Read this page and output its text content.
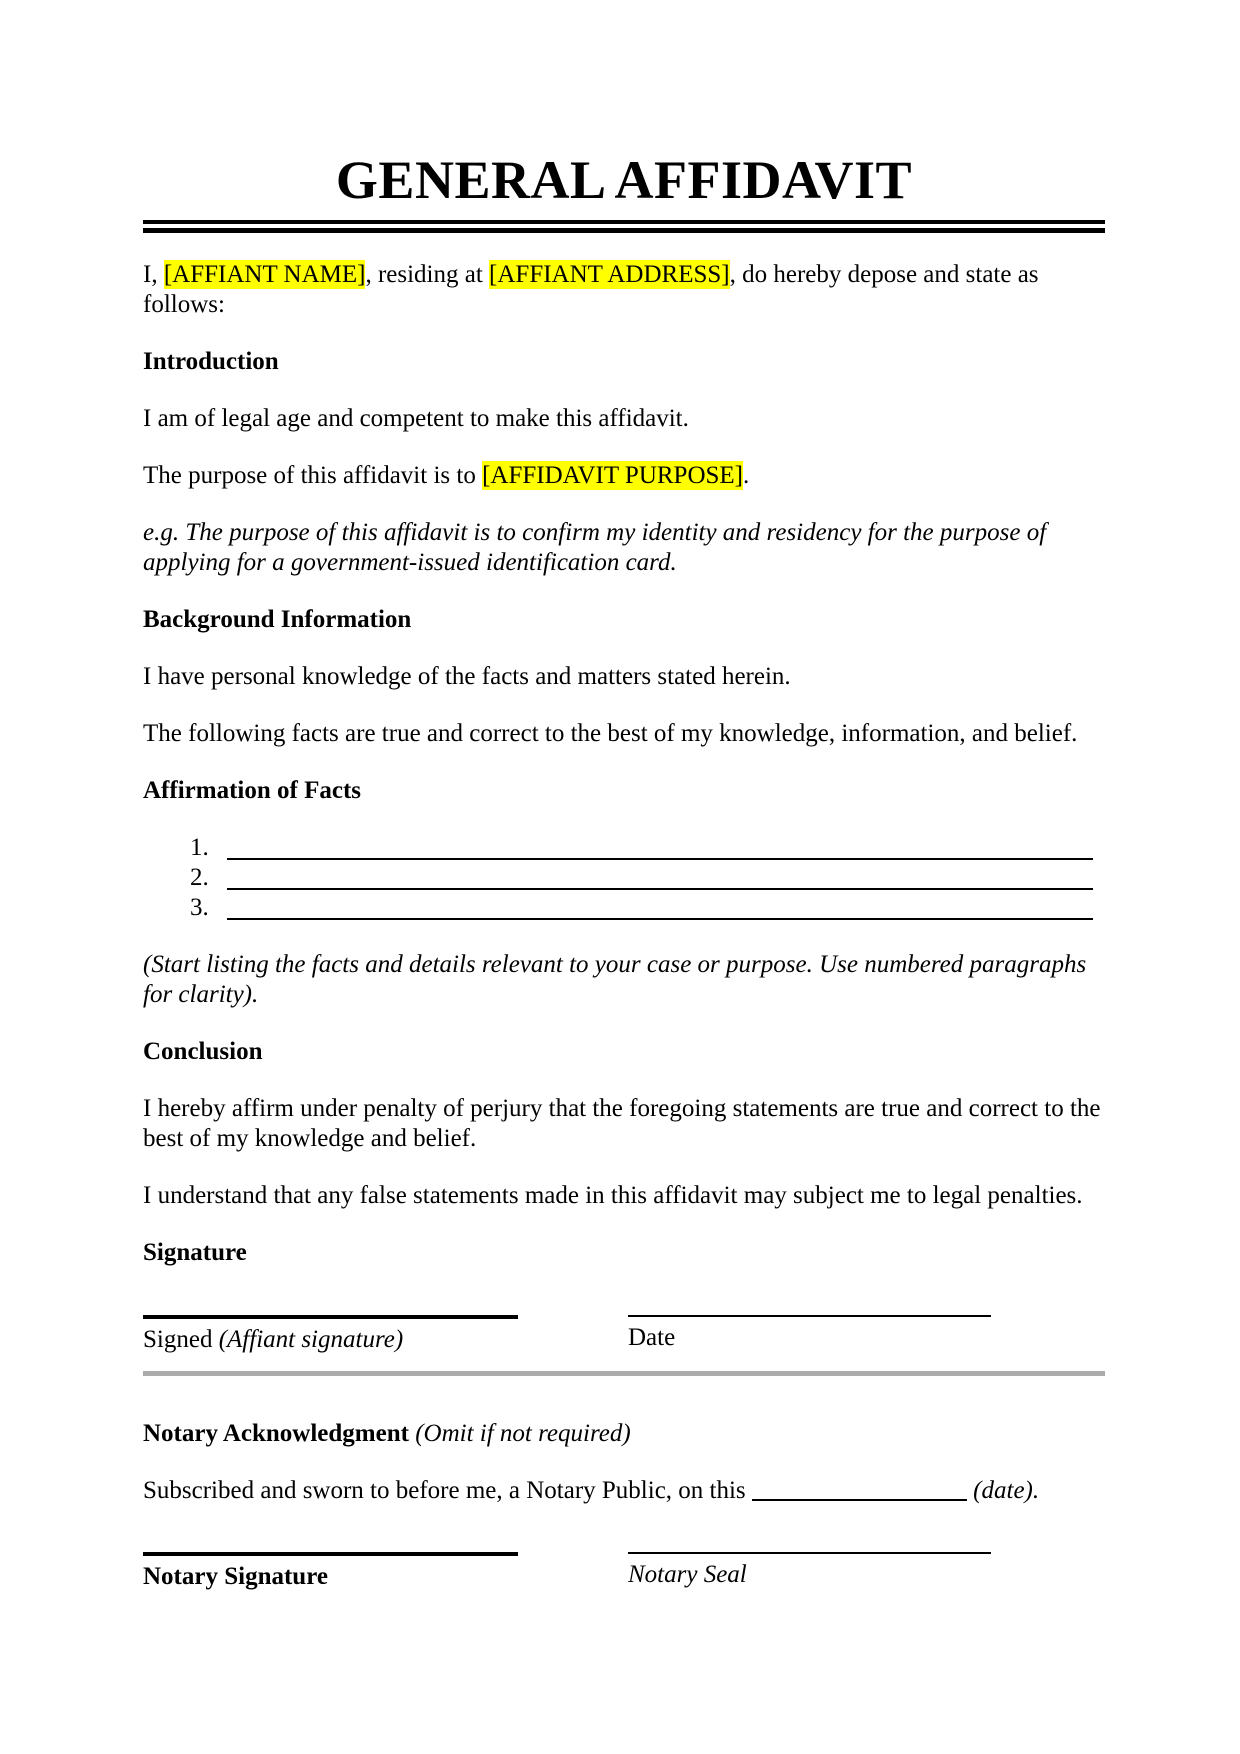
GENERAL AFFIDAVIT

I, [AFFIANT NAME], residing at [AFFIANT ADDRESS], do hereby depose and state as follows:

Introduction

I am of legal age and competent to make this affidavit.

The purpose of this affidavit is to [AFFIDAVIT PURPOSE].

e.g. The purpose of this affidavit is to confirm my identity and residency for the purpose of applying for a government-issued identification card.

Background Information

I have personal knowledge of the facts and matters stated herein.

The following facts are true and correct to the best of my knowledge, information, and belief.

Affirmation of Facts
1.
2.
3.

(Start listing the facts and details relevant to your case or purpose. Use numbered paragraphs for clarity).

Conclusion

I hereby affirm under penalty of perjury that the foregoing statements are true and correct to the best of my knowledge and belief.

I understand that any false statements made in this affidavit may subject me to legal penalties.

Signature
Signed (Affiant signature)	Date

Notary Acknowledgment (Omit if not required)

Subscribed and sworn to before me, a Notary Public, on this	(date).

Notary Signature	Notary Seal
